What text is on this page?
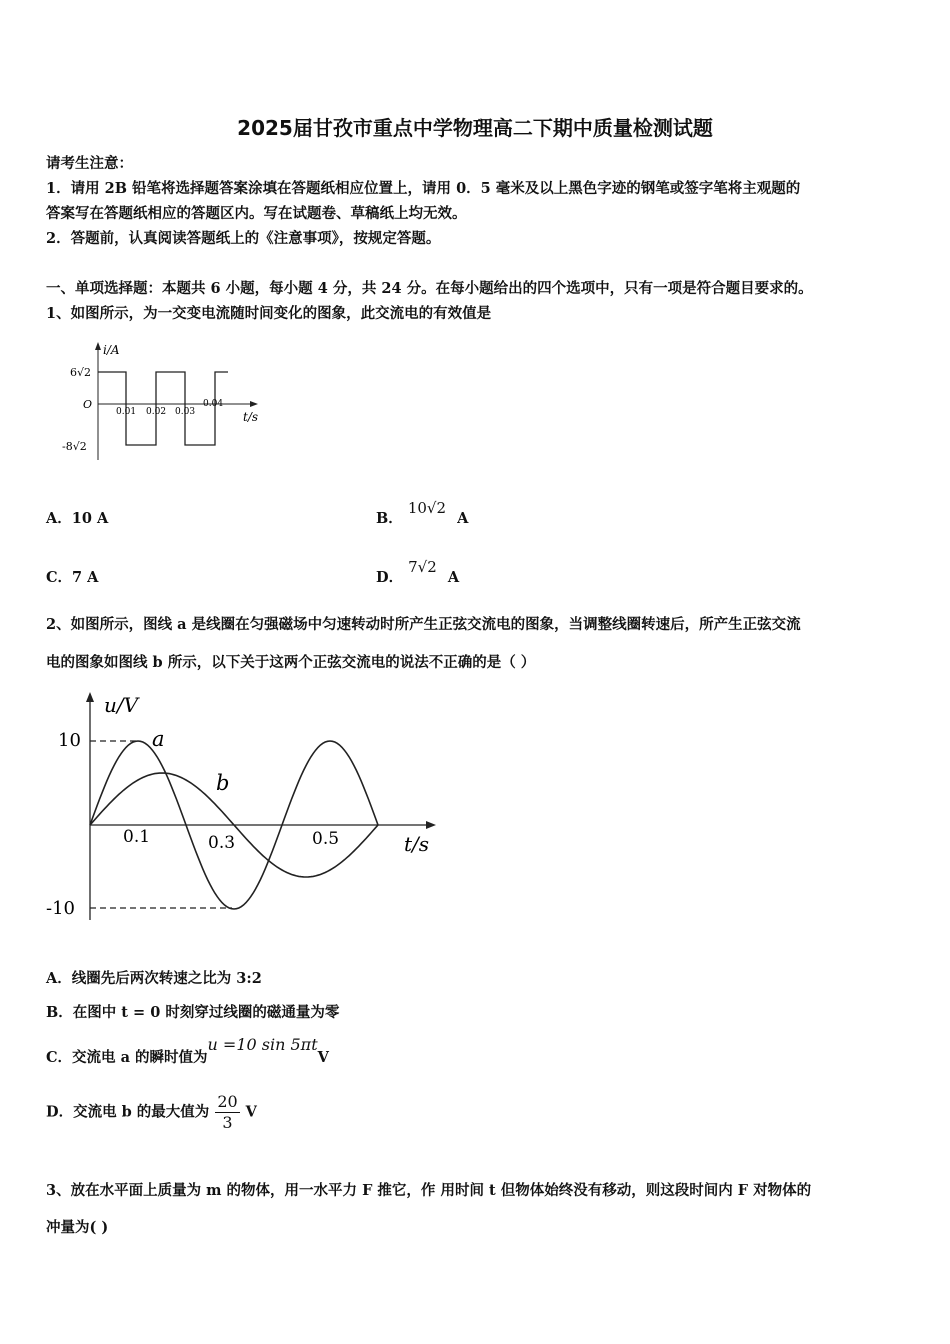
2025届甘孜市重点中学物理高二下期中质量检测试题
请考生注意：
1．请用 2B 铅笔将选择题答案涂填在答题纸相应位置上，请用 0．5 毫米及以上黑色字迹的钢笔或签字笔将主观题的
答案写在答题纸相应的答题区内。写在试题卷、草稿纸上均无效。
2．答题前，认真阅读答题纸上的《注意事项》，按规定答题。
一、单项选择题：本题共 6 小题，每小题 4 分，共 24 分。在每小题给出的四个选项中，只有一项是符合题目要求的。
1、如图所示，为一交变电流随时间变化的图象，此交流电的有效值是
i/A
t/s
O
6√2
-8√2
0.01 0.02 0.03
0.04
A．10 A	B． 10√2 A
C．7 A	D． 7√2 A
2、如图所示，图线 a 是线圈在匀强磁场中匀速转动时所产生正弦交流电的图象，当调整线圈转速后，所产生正弦交流
电的图象如图线 b 所示，以下关于这两个正弦交流电的说法不正确的是（ ）
u/V
t/s
10
-10
0.1	0.3	0.5
a
b
A．线圈先后两次转速之比为 3:2
B．在图中 t = 0 时刻穿过线圈的磁通量为零
C．交流电 a 的瞬时值为u =10 sin 5πtV
D．交流电 b 的最大值为 $\frac{20}{3}$ V
3、放在水平面上质量为 m 的物体，用一水平力 F 推它，作 用时间 t 但物体始终没有移动，则这段时间内 F 对物体的
冲量为( )
